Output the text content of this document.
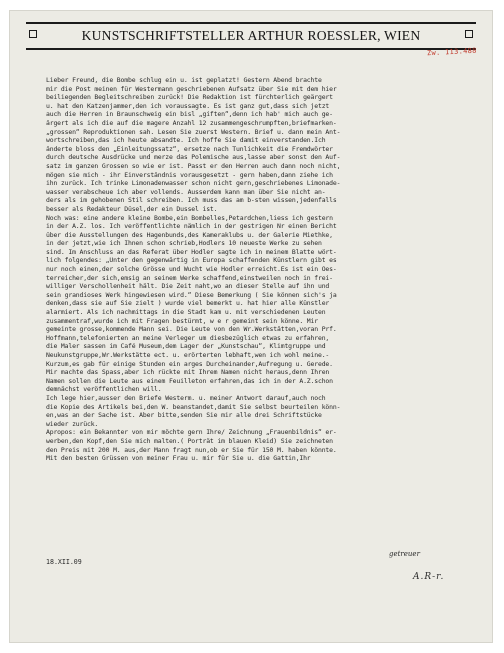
KUNSTSCHRIFTSTELLER ARTHUR ROESSLER, WIEN
Zw. 113.488
Lieber Freund, die Bombe schlug ein u. ist geplatzt! Gestern Abend brachte
mir die Post meinen für Westermann geschriebenen Aufsatz über Sie mit dem hier
beiliegenden Begleitschreiben zurück! Die Redaktion ist fürchterlich geärgert
u. hat den Katzenjammer,den ich voraussagte. Es ist ganz gut,dass sich jetzt
auch die Herren in Braunschweig ein bisl „giften“,denn ich hab' mich auch ge-
ärgert als ich die auf die magere Anzahl 12 zusammengeschrumpften,briefmarken-
„grossen“ Reproduktionen sah. Lesen Sie zuerst Western. Brief u. dann mein Ant-
wortschreiben,das ich heute absandte. Ich hoffe Sie damit einverstanden.Ich
änderte bloss den „Einleitungssatz“, ersetze nach Tunlichkeit die Fremdwörter
durch deutsche Ausdrücke und merze das Polemische aus,lasse aber sonst den Auf-
satz im ganzen Grossen so wie er ist. Passt er den Herren auch dann noch nicht,
mögen sie mich - ihr Einverständnis vorausgesetzt - gern haben,dann ziehe ich
ihn zurück. Ich trinke Limonadenwasser schon nicht gern,geschriebenes Limonade-
wasser verabscheue ich aber vollends. Ausserdem kann man über Sie nicht an-
ders als im gehobenen Stil schreiben. Ich muss das am b-sten wissen,jedenfalls
besser als Redakteur Düsel,der ein Dussel ist.
Noch was: eine andere kleine Bombe,ein Bombelles,Petardchen,liess ich gestern
in der A.Z. los. Ich veröffentlichte nämlich in der gestrigen Nr einen Bericht
über die Ausstellungen des Hagenbunds,des Kameraklubs u. der Galerie Miethke,
in der jetzt,wie ich Ihnen schon schrieb,Hodlers 10 neueste Werke zu sehen
sind. Im Anschluss an das Referat über Hodler sagte ich in meinem Blatte wört-
lich folgendes: „Unter den gegenwärtig in Europa schaffenden Künstlern gibt es
nur noch einen,der solche Grösse und Wucht wie Hodler erreicht.Es ist ein Oes-
terreicher,der sich,emsig an seinem Werke schaffend,einstweilen noch in frei-
williger Verschollenheit hält. Die Zeit naht,wo an dieser Stelle auf ihn und
sein grandioses Werk hingewiesen wird.“ Diese Bemerkung ( Sie können sich's ja
denken,dass sie auf Sie zielt ) wurde viel bemerkt u. hat hier alle Künstler
alarmiert. Als ich nachmittags in die Stadt kam u. mit verschiedenen Leuten
zusammentraf,wurde ich mit Fragen bestürmt, w e r gemeint sein könne. Mir
gemeinte grosse,kommende Mann sei. Die Leute von den Wr.Werkstätten,voran Prf.
Hoffmann,telefonierten an meine Verleger um diesbezüglich etwas zu erfahren,
die Maler sassen im Café Museum,dem Lager der „Kunstschau“, Klimtgruppe und
Neukunstgruppe,Wr.Werkstätte ect. u. erörterten lebhaft,wen ich wohl meine.-
Kurzum,es gab für einige Stunden ein arges Durcheinander,Aufregung u. Gerede.
Mir machte das Spass,aber ich rückte mit Ihrem Namen nicht heraus,denn Ihren
Namen sollen die Leute aus einem Feuilleton erfahren,das ich in der A.Z.schon
demnächst veröffentlichen will.
Ich lege hier,ausser den Briefe Westerm. u. meiner Antwort darauf,auch noch
die Kopie des Artikels bei,den W. beanstandet,damit Sie selbst beurteilen könn-
en,was an der Sache ist. Aber bitte,senden Sie mir alle drei Schriftstücke
wieder zurück.
Apropos: ein Bekannter von mir möchte gern Ihre/ Zeichnung „Frauenbildnis“ er-
werben,den Kopf,den Sie mich malten.( Porträt im blauen Kleid) Sie zeichneten
den Preis mit 200 M. aus,der Mann fragt nun,ob er Sie für 150 M. haben könnte.
Mit den besten Grüssen von meiner Frau u. mir für Sie u. die Gattin,Ihr
18.XII.09
getreuer
A.R-r.
